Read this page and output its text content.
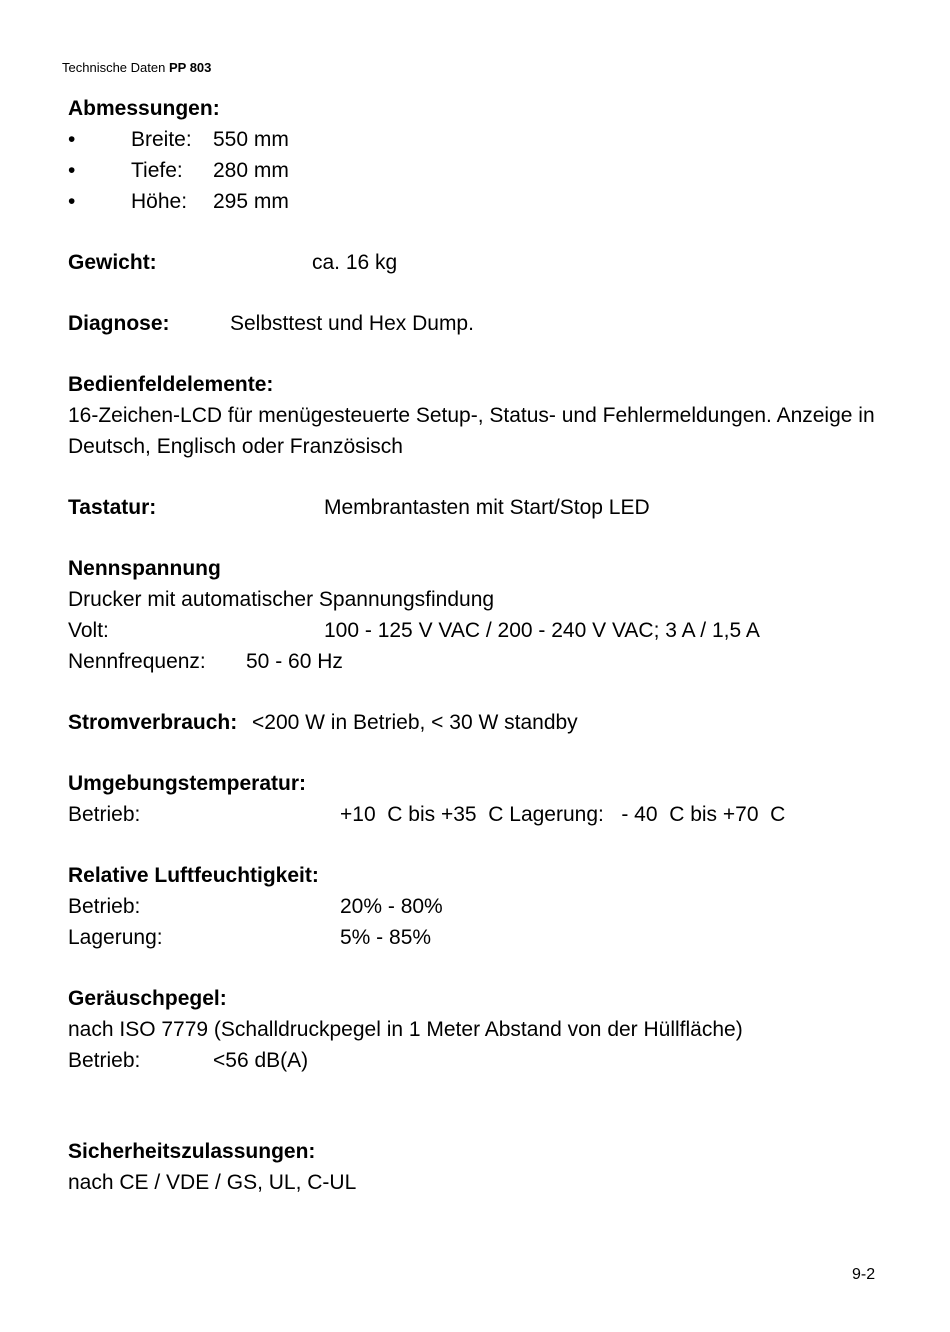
Technische Daten PP 803
Abmessungen:
•	Breite: 550 mm
•	Tiefe: 280 mm
•	Höhe: 295 mm
Gewicht:	ca. 16 kg
Diagnose:	Selbsttest und Hex Dump.
Bedienfeldelemente:
16-Zeichen-LCD für menügesteuerte Setup-, Status- und Fehlermeldungen. Anzeige in
Deutsch, Englisch oder Französisch
Tastatur:	Membrantasten mit Start/Stop LED
Nennspannung
Drucker mit automatischer Spannungsfindung
Volt:	100 - 125 V VAC / 200 - 240 V VAC; 3 A / 1,5 A
Nennfrequenz: 50 - 60 Hz
Stromverbrauch: <200 W in Betrieb, < 30 W standby
Umgebungstemperatur:
Betrieb:	+10  C bis +35  C Lagerung:   - 40  C bis +70  C
Relative Luftfeuchtigkeit:
Betrieb:	20% - 80%
Lagerung:	5% - 85%
Geräuschpegel:
nach ISO 7779 (Schalldruckpegel in 1 Meter Abstand von der Hüllfläche)
Betrieb:	<56 dB(A)
Sicherheitszulassungen:
nach CE / VDE / GS, UL, C-UL
9-2
